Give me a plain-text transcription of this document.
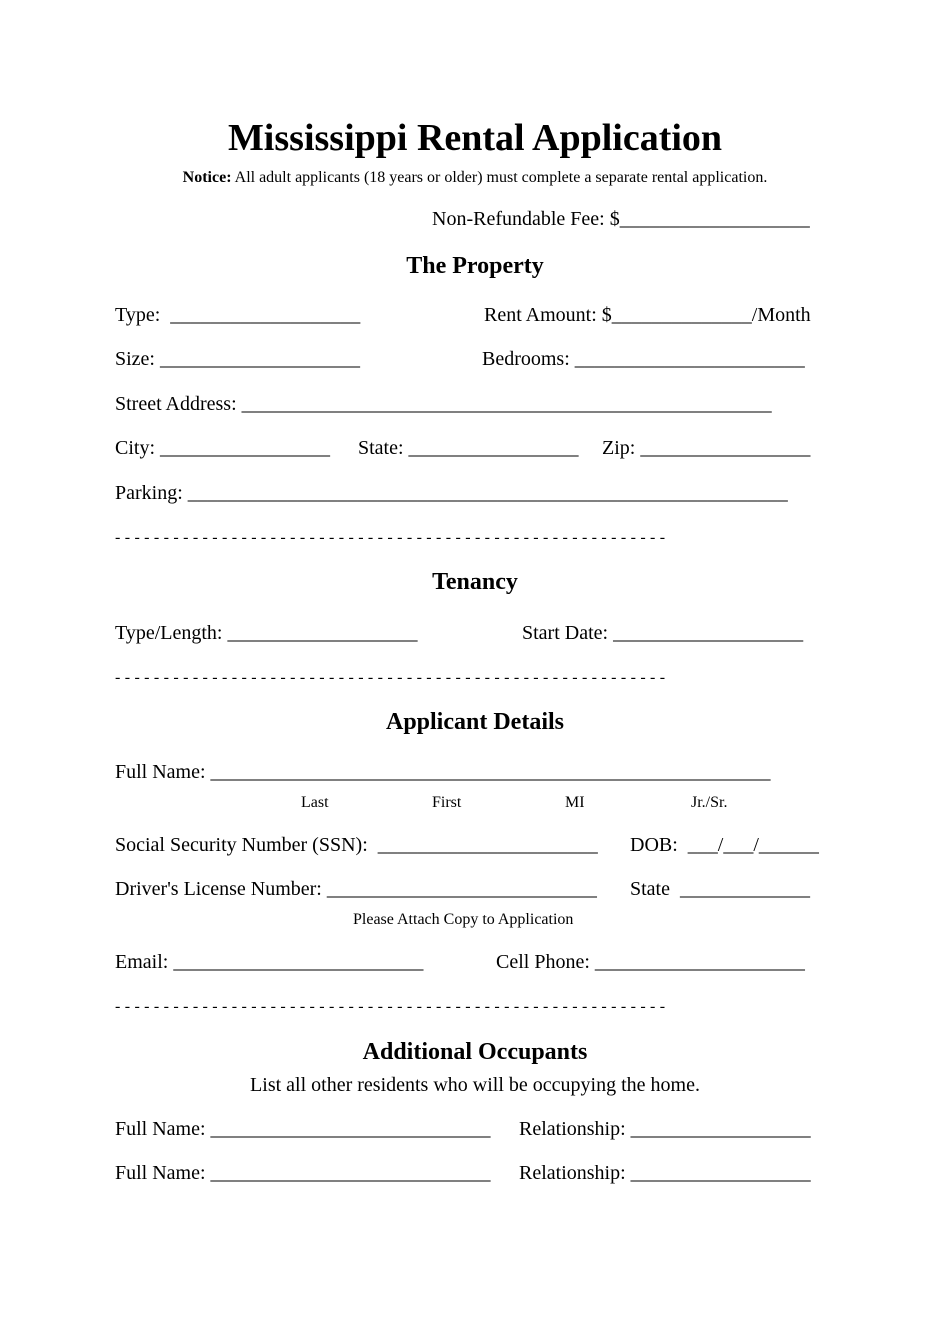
Mississippi Rental Application
Notice: All adult applicants (18 years or older) must complete a separate rental application.
Non-Refundable Fee: $___________________
The Property
Type:  ___________________	Rent Amount: $______________/Month
Size: ____________________	Bedrooms: _______________________
Street Address: _____________________________________________________
City: _________________ State: _________________ Zip: _________________
Parking: ____________________________________________________________
- - - - - - - - - - - - - - - - - - - - - - - - - - - - - - - - - - - - - - - - - - - - - - - - - - - - - - - - -
Tenancy
Type/Length: ___________________	Start Date: ___________________
- - - - - - - - - - - - - - - - - - - - - - - - - - - - - - - - - - - - - - - - - - - - - - - - - - - - - - - - -
Applicant Details
Full Name: ________________________________________________________
Last	First	MI	Jr./Sr.
Social Security Number (SSN):  ______________________ DOB:  ___/___/______
Driver's License Number: ___________________________ State  _____________
Please Attach Copy to Application
Email: _________________________	Cell Phone: _____________________
- - - - - - - - - - - - - - - - - - - - - - - - - - - - - - - - - - - - - - - - - - - - - - - - - - - - - - - - -
Additional Occupants
List all other residents who will be occupying the home.
Full Name: ____________________________ Relationship: __________________
Full Name: ____________________________ Relationship: __________________
